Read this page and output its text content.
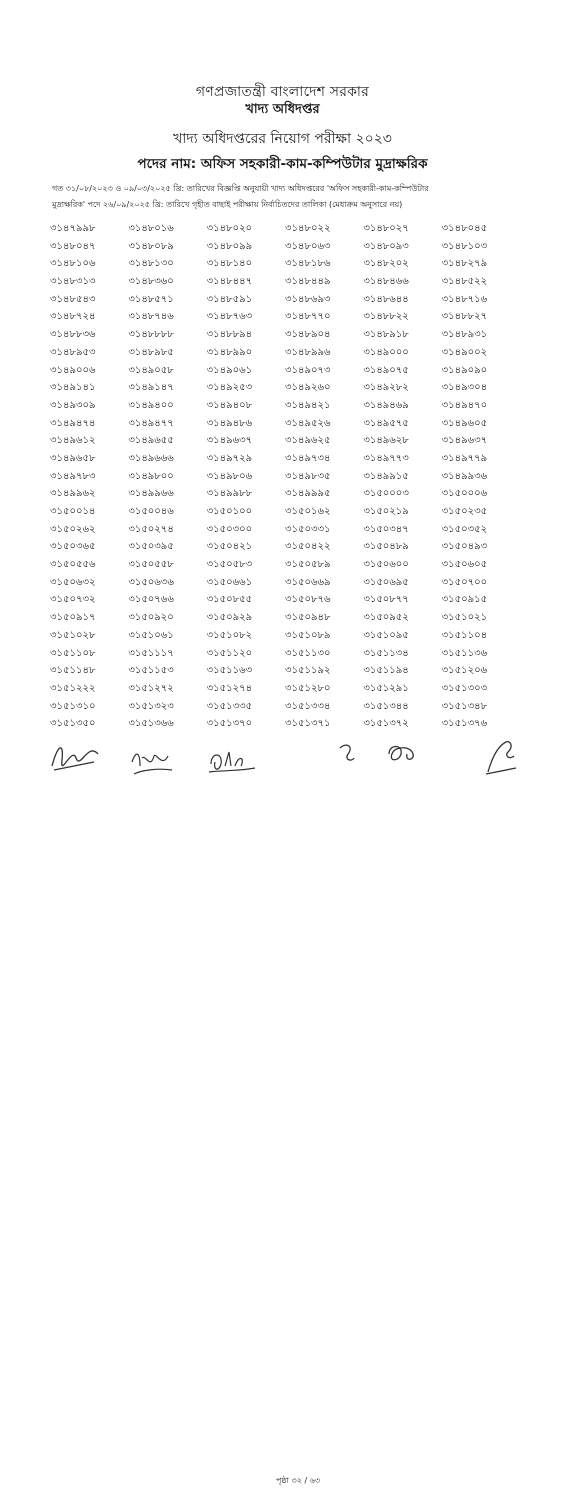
গণপ্রজাতন্ত্রী বাংলাদেশ সরকার
খাদ্য অধিদপ্তর
খাদ্য অধিদপ্তরের নিয়োগ পরীক্ষা ২০২৩
পদের নাম: অফিস সহকারী-কাম-কম্পিউটার মুদ্রাক্ষরিক
গত ৩১/০৮/২০২৩ ও ০৯/০৩/২০২৫ খ্রি: তারিখের বিজ্ঞপ্তি অনুযায়ী খাদ্য অধিদপ্তরের 'অফিস সহকারী-কাম-কম্পিউটার
মুদ্রাক্ষরিক' পদে ২৬/০৯/২০২৫ খ্রি: তারিখে গৃহীত বাছাই পরীক্ষায় নির্বাচিতদের তালিকা (মেধাক্রম অনুসারে নয়)
৩১৪৭৯৯৮	৩১৪৮০১৬	৩১৪৮০২০	৩১৪৮০২২	৩১৪৮০২৭	৩১৪৮০৪৫
৩১৪৮০৪৭	৩১৪৮০৮৯	৩১৪৮০৯৯	৩১৪৮০৬৩	৩১৪৮০৯৩	৩১৪৮১০৩
৩১৪৮১০৬	৩১৪৮১৩০	৩১৪৮১৪০	৩১৪৮১৮৬	৩১৪৮২০২	৩১৪৮২৭৯
৩১৪৮৩১৩	৩১৪৮৩৬০	৩১৪৮৪৪৭	৩১৪৮৪৪৯	৩১৪৮৪৬৬	৩১৪৮৫২২
৩১৪৮৫৪৩	৩১৪৮৫৭১	৩১৪৮৫৯১	৩১৪৮৬৯৩	৩১৪৮৬৪৪	৩১৪৮৭১৬
৩১৪৮৭২৪	৩১৪৮৭৪৬	৩১৪৮৭৬৩	৩১৪৮৭৭০	৩১৪৮৮২২	৩১৪৮৮২৭
৩১৪৮৮৩৬	৩১৪৮৮৮৮	৩১৪৮৮৯৪	৩১৪৮৯০৪	৩১৪৮৯১৮	৩১৪৮৯৩১
৩১৪৮৯৫৩	৩১৪৮৯৮৫	৩১৪৮৯৯০	৩১৪৮৯৯৬	৩১৪৯০০০	৩১৪৯০০২
৩১৪৯০০৬	৩১৪৯০৫৮	৩১৪৯০৬১	৩১৪৯০৭৩	৩১৪৯০৭৫	৩১৪৯০৯০
৩১৪৯১৪১	৩১৪৯১৪৭	৩১৪৯২৫৩	৩১৪৯২৬০	৩১৪৯২৮২	৩১৪৯৩০৪
৩১৪৯৩০৯	৩১৪৯৪০০	৩১৪৯৪০৮	৩১৪৯৪২১	৩১৪৯৪৬৯	৩১৪৯৪৭০
৩১৪৯৪৭৪	৩১৪৯৪৭৭	৩১৪৯৪৮৬	৩১৪৯৫২৬	৩১৪৯৫৭৫	৩১৪৯৬০৫
৩১৪৯৬১২	৩১৪৯৬৫৫	৩১৪৯৬৩৭	৩১৪৯৬২৫	৩১৪৯৬২৮	৩১৪৯৬৩৭
৩১৪৯৬৫৮	৩১৪৯৬৬৬	৩১৪৯৭২৯	৩১৪৯৭৩৪	৩১৪৯৭৭৩	৩১৪৯৭৭৯
৩১৪৯৭৮৩	৩১৪৯৮০০	৩১৪৯৮০৬	৩১৪৯৮৩৫	৩১৪৯৯১৫	৩১৪৯৯৩৬
৩১৪৯৯৬২	৩১৪৯৯৬৬	৩১৪৯৯৮৮	৩১৪৯৯৯৫	৩১৫০০০৩	৩১৫০০০৬
৩১৫০০১৪	৩১৫০০৪৬	৩১৫০১০০	৩১৫০১৬২	৩১৫০২১৯	৩১৫০২৩৫
৩১৫০২৬২	৩১৫০২৭৪	৩১৫০৩০০	৩১৫০৩৩১	৩১৫০৩৪৭	৩১৫০৩৫২
৩১৫০৩৬৫	৩১৫০৩৯৫	৩১৫০৪২১	৩১৫০৪২২	৩১৫০৪৮৯	৩১৫০৪৯৩
৩১৫০৫৫৬	৩১৫০৫৫৮	৩১৫০৫৮৩	৩১৫০৫৮৯	৩১৫০৬০০	৩১৫০৬০৫
৩১৫০৬৩২	৩১৫০৬৩৬	৩১৫০৬৬১	৩১৫০৬৬৯	৩১৫০৬৯৫	৩১৫০৭০০
৩১৫০৭৩২	৩১৫০৭৬৬	৩১৫০৮৫৫	৩১৫০৮৭৬	৩১৫০৮৭৭	৩১৫০৯১৫
৩১৫০৯১৭	৩১৫০৯২০	৩১৫০৯২৯	৩১৫০৯৪৮	৩১৫০৯৫২	৩১৫১০২১
৩১৫১০২৮	৩১৫১০৬১	৩১৫১০৮২	৩১৫১০৮৯	৩১৫১০৯৫	৩১৫১১০৪
৩১৫১১০৮	৩১৫১১১৭	৩১৫১১২০	৩১৫১১৩০	৩১৫১১৩৪	৩১৫১১৩৬
৩১৫১১৪৮	৩১৫১১৫৩	৩১৫১১৬৩	৩১৫১১৯২	৩১৫১১৯৪	৩১৫১২০৬
৩১৫১২২২	৩১৫১২৭২	৩১৫১২৭৪	৩১৫১২৮০	৩১৫১২৯১	৩১৫১৩০৩
৩১৫১৩১০	৩১৫১৩২৩	৩১৫১৩৩৫	৩১৫১৩৩৪	৩১৫১৩৪৪	৩১৫১৩৪৮
৩১৫১৩৫০	৩১৫১৩৬৬	৩১৫১৩৭০	৩১৫১৩৭১	৩১৫১৩৭২	৩১৫১৩৭৬
পৃষ্ঠা ৩২ / ৬৩
